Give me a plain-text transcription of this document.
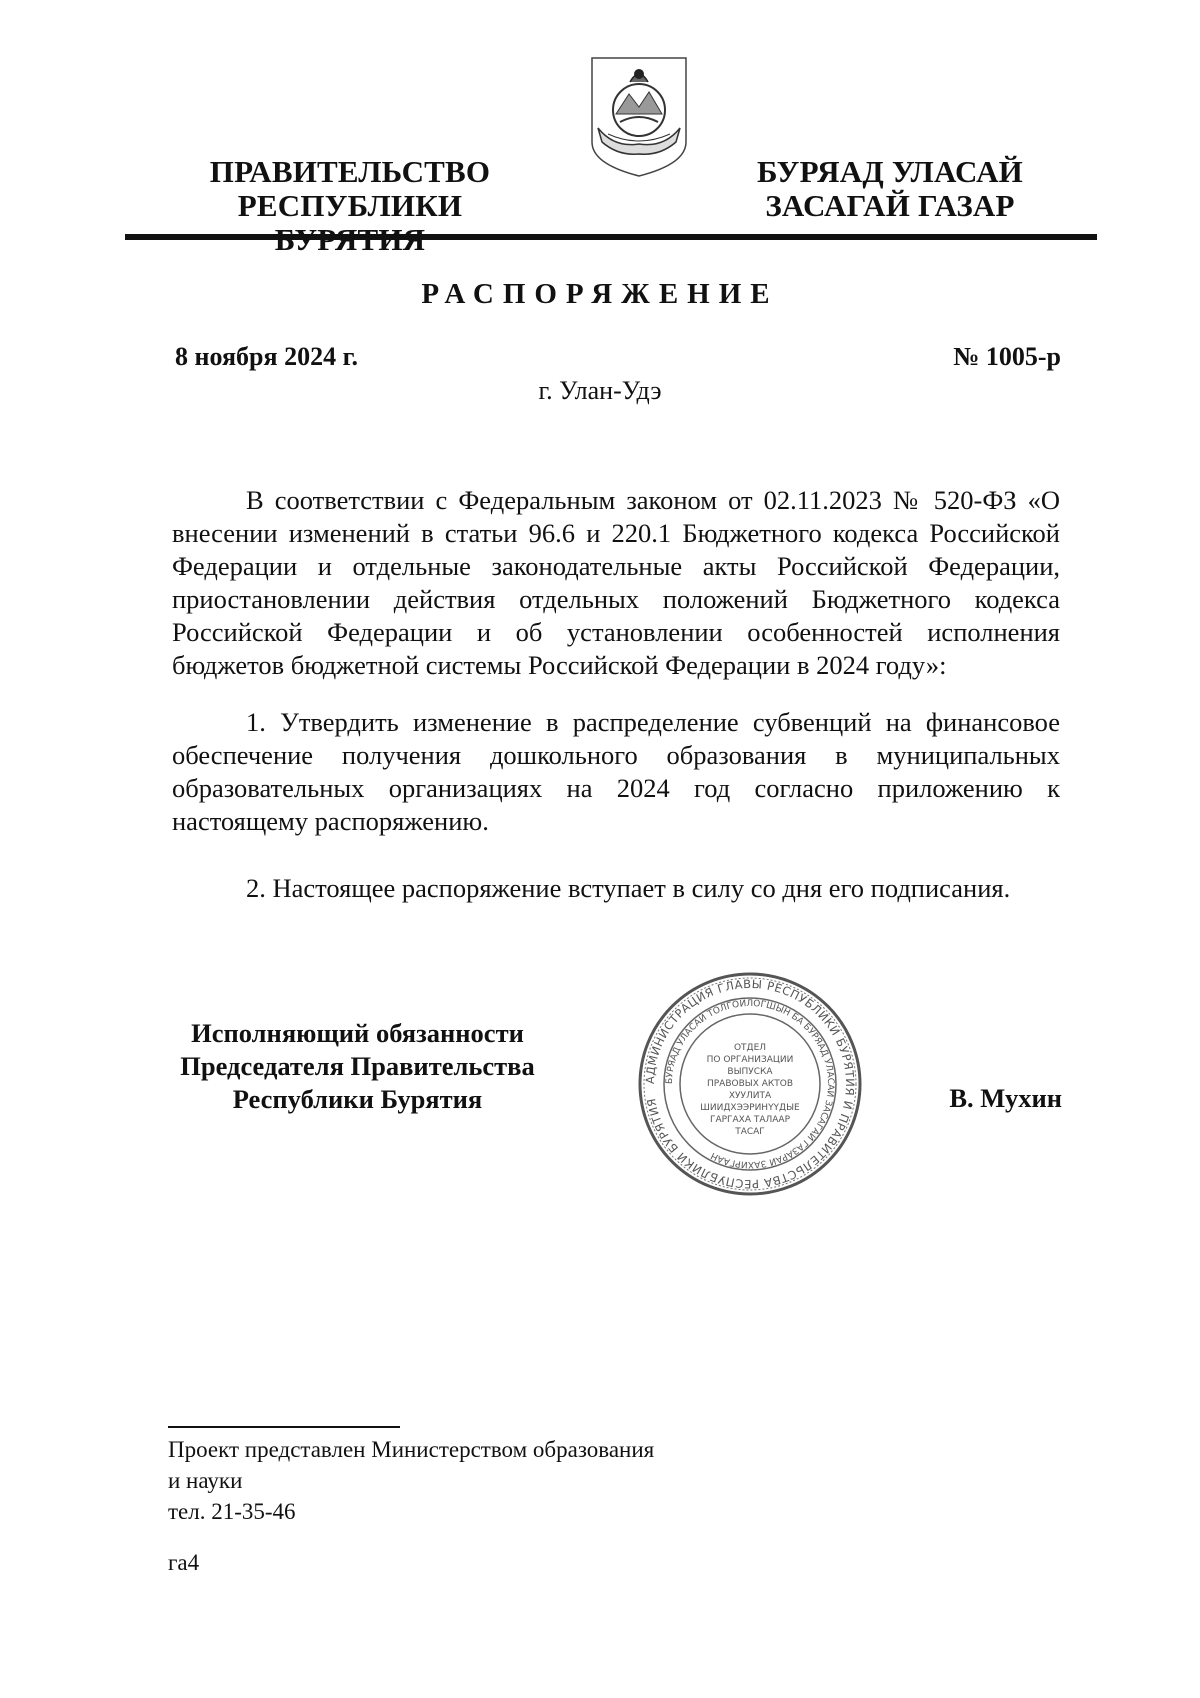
ПРАВИТЕЛЬСТВО
РЕСПУБЛИКИ
БУРЯАД УЛАСАЙ
ЗАСАГАЙ ГАЗАР
РАСПОРЯЖЕНИЕ
8 ноября 2024 г.	№ 1005-р
г. Улан-Удэ
В соответствии с Федеральным законом от 02.11.2023 № 520-ФЗ «О внесении изменений в статьи 96.6 и 220.1 Бюджетного кодекса Российской Федерации и отдельные законодательные акты Российской Федерации, приостановлении действия отдельных положений Бюджетного кодекса Российской Федерации и об установлении особенностей исполнения бюджетов бюджетной системы Российской Федерации в 2024 году»:
1. Утвердить изменение в распределение субвенций на финансовое обеспечение получения дошкольного образования в муниципальных образовательных организациях на 2024 год согласно приложению к настоящему распоряжению.
2. Настоящее распоряжение вступает в силу со дня его подписания.
Исполняющий обязанности
Председателя Правительства
Республики Бурятия
АДМИНИСТРАЦИЯ ГЛАВЫ РЕСПУБЛИКИ БУРЯТИЯ И ПРАВИТЕЛЬСТВА РЕСПУБЛИКИ БУРЯТИЯ
БУРЯАД УЛАСАЙ ТОЛГОЙЛОГШЫН БА БУРЯАД УЛАСАЙ ЗАСАГАЙ ГАЗАРАЙ ЗАХИРГААН
ОТДЕЛ
ПО ОРГАНИЗАЦИИ
ВЫПУСКА
ПРАВОВЫХ АКТОВ
ХУУЛИТА
ШИИДХЭЭРИНҮҮДЫЕ
ГАРГАХА ТАЛААР
ТАСАГ
В. Мухин
Проект представлен Министерством образования
и науки
тел. 21-35-46
га4
